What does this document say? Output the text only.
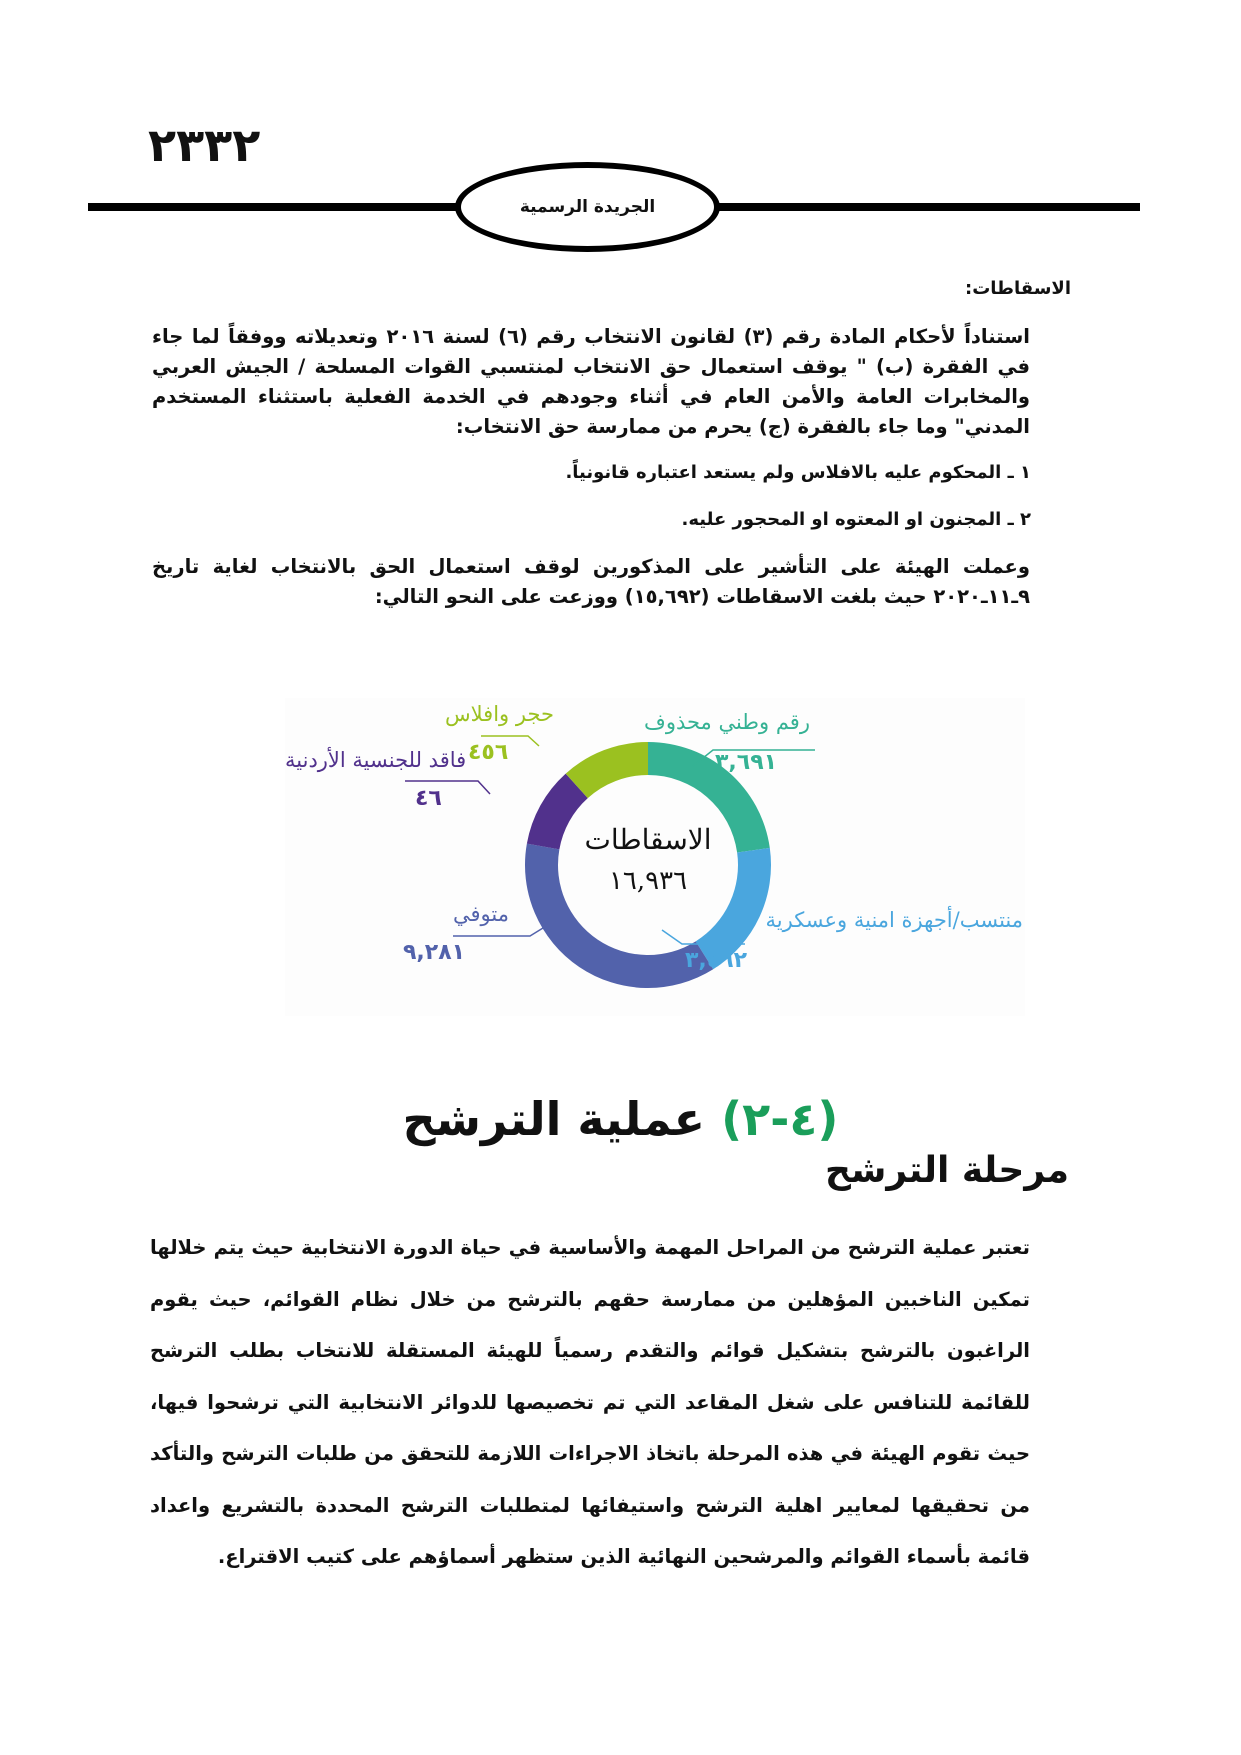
٢٣٣٢
الجريدة الرسمية
الاسقاطات:
استناداً لأحكام المادة رقم (٣) لقانون الانتخاب رقم (٦) لسنة ٢٠١٦ وتعديلاته ووفقاً لما جاء في الفقرة (ب) " يوقف استعمال حق الانتخاب لمنتسبي القوات المسلحة / الجيش العربي والمخابرات العامة والأمن العام في أثناء وجودهم في الخدمة الفعلية باستثناء المستخدم المدني" وما جاء بالفقرة (ج) يحرم من ممارسة حق الانتخاب:
١ ـ المحكوم عليه بالافلاس ولم يستعد اعتباره قانونياً.
٢ ـ المجنون او المعتوه او المحجور عليه.
وعملت الهيئة على التأشير على المذكورين لوقف استعمال الحق بالانتخاب لغاية تاريخ ٩ـ١١ـ٢٠٢٠ حيث بلغت الاسقاطات (١٥,٦٩٢) ووزعت على النحو التالي:
رقم وطني محذوف
٣,٦٩١
منتسب/أجهزة امنية وعسكرية
٣,٤٦٢
متوفي
٩,٢٨١
فاقد للجنسية الأردنية
٤٦
حجر وافلاس
٤٥٦
الاسقاطات
١٦,٩٣٦
(٤-٢) عملية الترشح
مرحلة الترشح
تعتبر عملية الترشح من المراحل المهمة والأساسية في حياة الدورة الانتخابية حيث يتم خلالها تمكين الناخبين المؤهلين من ممارسة حقهم بالترشح من خلال نظام القوائم، حيث يقوم الراغبون بالترشح بتشكيل قوائم والتقدم رسمياً للهيئة المستقلة للانتخاب بطلب الترشح للقائمة للتنافس على شغل المقاعد التي تم تخصيصها للدوائر الانتخابية التي ترشحوا فيها، حيث تقوم الهيئة في هذه المرحلة باتخاذ الاجراءات اللازمة للتحقق من طلبات الترشح والتأكد من تحقيقها لمعايير اهلية الترشح واستيفائها لمتطلبات الترشح المحددة بالتشريع واعداد قائمة بأسماء القوائم والمرشحين النهائية الذين ستظهر أسماؤهم على كتيب الاقتراع.
